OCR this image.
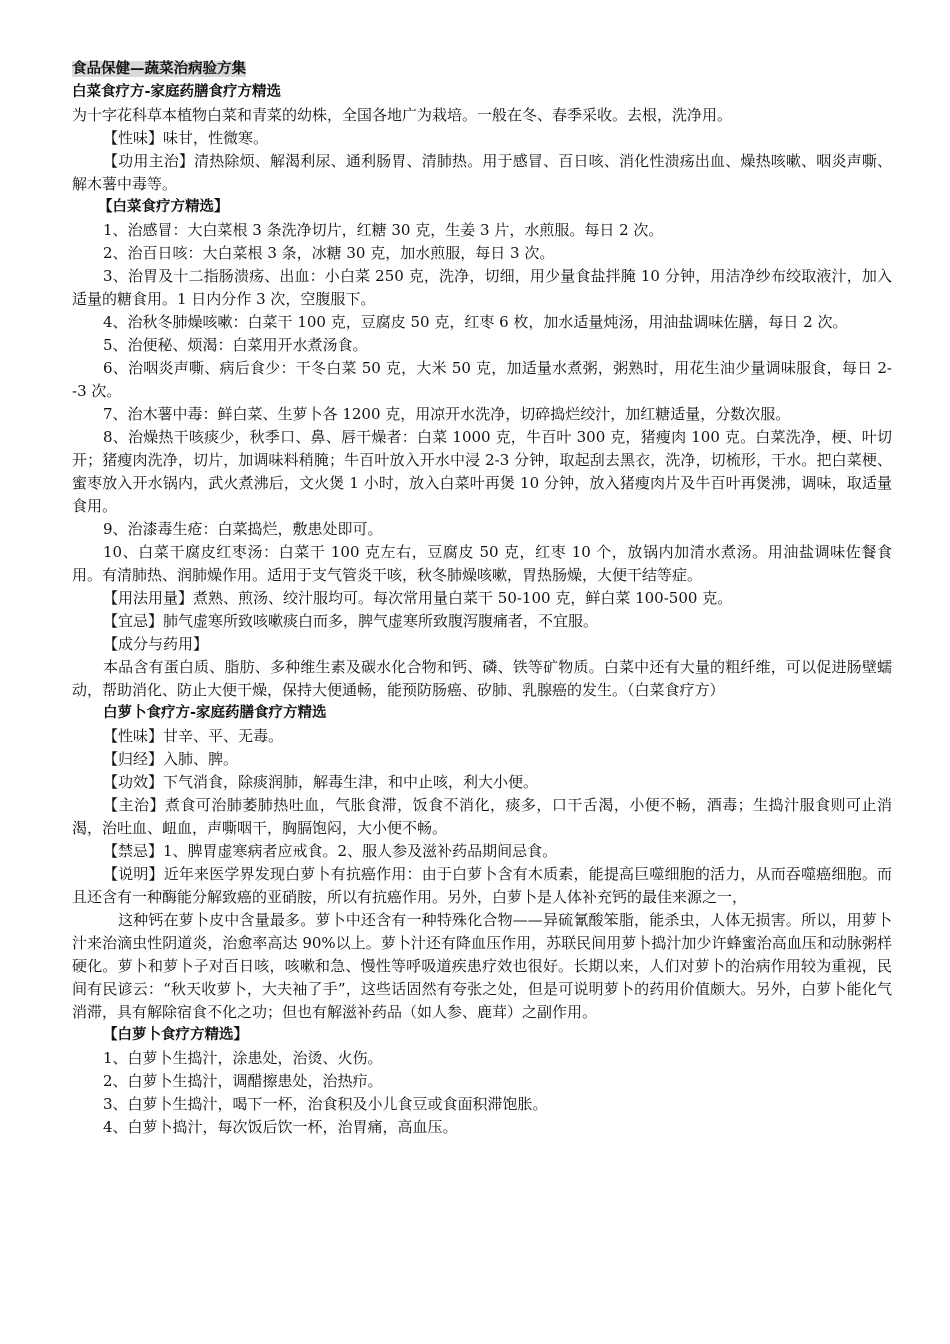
食品保健—蔬菜治病验方集

白菜食疗方-家庭药膳食疗方精选

为十字花科草本植物白菜和青菜的幼株，全国各地广为栽培。一般在冬、春季采收。去根，洗净用。

【性味】味甘，性微寒。

【功用主治】清热除烦、解渴利尿、通利肠胃、清肺热。用于感冒、百日咳、消化性溃疡出血、燥热咳嗽、咽炎声嘶、解木薯中毒等。

【白菜食疗方精选】

1、治感冒：大白菜根 3 条洗净切片，红糖 30 克，生姜 3 片，水煎服。每日 2 次。

2、治百日咳：大白菜根 3 条，冰糖 30 克，加水煎服，每日 3 次。

3、治胃及十二指肠溃疡、出血：小白菜 250 克，洗净，切细，用少量食盐拌腌 10 分钟，用洁净纱布绞取液汁，加入适量的糖食用。1 日内分作 3 次，空腹服下。

4、治秋冬肺燥咳嗽：白菜干 100 克，豆腐皮 50 克，红枣 6 枚，加水适量炖汤，用油盐调味佐膳，每日 2 次。

5、治便秘、烦渴：白菜用开水煮汤食。

6、治咽炎声嘶、病后食少：干冬白菜 50 克，大米 50 克，加适量水煮粥，粥熟时，用花生油少量调味服食，每日 2--3 次。

7、治木薯中毒：鲜白菜、生萝卜各 1200 克，用凉开水洗净，切碎捣烂绞汁，加红糖适量，分数次服。

8、治燥热干咳痰少，秋季口、鼻、唇干燥者：白菜 1000 克，牛百叶 300 克，猪瘦肉 100 克。白菜洗净，梗、叶切开；猪瘦肉洗净，切片，加调味料稍腌；牛百叶放入开水中浸 2-3 分钟，取起刮去黑衣，洗净，切梳形，干水。把白菜梗、蜜枣放入开水锅内，武火煮沸后，文火煲 1 小时，放入白菜叶再煲 10 分钟，放入猪瘦肉片及牛百叶再煲沸，调味，取适量食用。

9、治漆毒生疮：白菜捣烂，敷患处即可。

10、白菜干腐皮红枣汤：白菜干 100 克左右，豆腐皮 50 克，红枣 10 个，放锅内加清水煮汤。用油盐调味佐餐食用。有清肺热、润肺燥作用。适用于支气管炎干咳，秋冬肺燥咳嗽，胃热肠燥，大便干结等症。

【用法用量】煮熟、煎汤、绞汁服均可。每次常用量白菜干 50-100 克，鲜白菜 100-500 克。

【宜忌】肺气虚寒所致咳嗽痰白而多，脾气虚寒所致腹泻腹痛者，不宜服。

【成分与药用】

本品含有蛋白质、脂肪、多种维生素及碳水化合物和钙、磷、铁等矿物质。白菜中还有大量的粗纤维，可以促进肠壁蠕动，帮助消化、防止大便干燥，保持大便通畅，能预防肠癌、矽肺、乳腺癌的发生。（白菜食疗方）

白萝卜食疗方-家庭药膳食疗方精选

【性味】甘辛、平、无毒。

【归经】入肺、脾。

【功效】下气消食，除痰润肺，解毒生津，和中止咳，利大小便。

【主治】煮食可治肺萎肺热吐血，气胀食滞，饭食不消化，痰多，口干舌渴，小便不畅，酒毒；生捣汁服食则可止消渴，治吐血、衄血，声嘶咽干，胸膈饱闷，大小便不畅。

【禁忌】1、脾胃虚寒病者应戒食。2、服人参及滋补药品期间忌食。

【说明】近年来医学界发现白萝卜有抗癌作用：由于白萝卜含有木质素，能提高巨噬细胞的活力，从而吞噬癌细胞。而且还含有一种酶能分解致癌的亚硝胺，所以有抗癌作用。另外，白萝卜是人体补充钙的最佳来源之一，

这种钙在萝卜皮中含量最多。萝卜中还含有一种特殊化合物——异硫氰酸笨脂，能杀虫，人体无损害。所以，用萝卜汁来治滴虫性阴道炎，治愈率高达 90%以上。萝卜汁还有降血压作用，苏联民间用萝卜捣汁加少许蜂蜜治高血压和动脉粥样硬化。萝卜和萝卜子对百日咳，咳嗽和急、慢性等呼吸道疾患疗效也很好。长期以来，人们对萝卜的治病作用较为重视，民间有民谚云：“秋天收萝卜，大夫袖了手”，这些话固然有夸张之处，但是可说明萝卜的药用价值颇大。另外，白萝卜能化气消滞，具有解除宿食不化之功；但也有解滋补药品（如人参、鹿茸）之副作用。

【白萝卜食疗方精选】

1、白萝卜生捣汁，涂患处，治烫、火伤。

2、白萝卜生捣汁，调醋擦患处，治热疖。

3、白萝卜生捣汁，喝下一杯，治食积及小儿食豆或食面积滞饱胀。

4、白萝卜捣汁，每次饭后饮一杯，治胃痛，高血压。
